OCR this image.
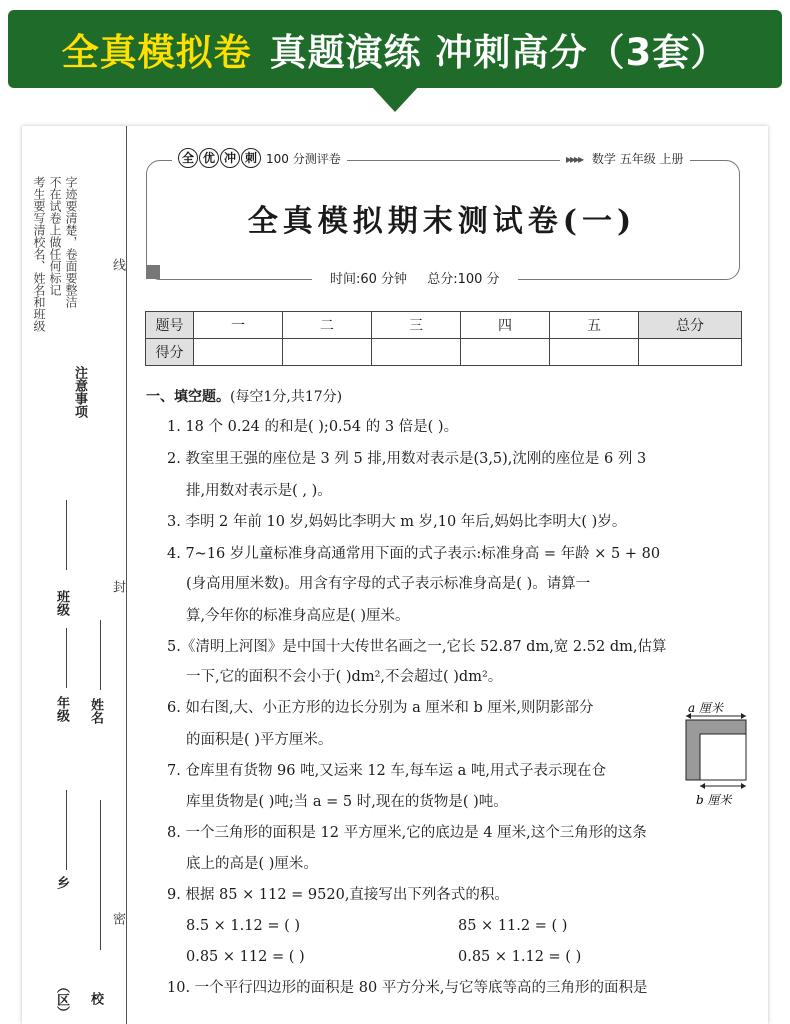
全真模拟卷 真题演练 冲刺高分（3套）
考生要写清校名、姓名和班级 不在试卷上做任何标记 字迹要清楚，卷面要整洁
注意事项
线
封
密
班级
年级 姓名
乡
（区） 校
全 优 冲 刺 100 分测评卷	▸▸▸▸ 数学 五年级 上册
全真模拟期末测试卷(一)
时间:60 分钟 总分:100 分
题号	一	二	三	四	五	总分
得分						
一、填空题。(每空1分,共17分)
1. 18 个 0.24 的和是( );0.54 的 3 倍是( )。
2. 教室里王强的座位是 3 列 5 排,用数对表示是(3,5),沈刚的座位是 6 列 3
排,用数对表示是( , )。
3. 李明 2 年前 10 岁,妈妈比李明大 m 岁,10 年后,妈妈比李明大( )岁。
4. 7~16 岁儿童标准身高通常用下面的式子表示:标准身高 = 年龄 × 5 + 80
(身高用厘米数)。用含有字母的式子表示标准身高是( )。请算一
算,今年你的标准身高应是( )厘米。
5.《清明上河图》是中国十大传世名画之一,它长 52.87 dm,宽 2.52 dm,估算
一下,它的面积不会小于( )dm²,不会超过( )dm²。
6. 如右图,大、小正方形的边长分别为 a 厘米和 b 厘米,则阴影部分
的面积是( )平方厘米。
7. 仓库里有货物 96 吨,又运来 12 车,每车运 a 吨,用式子表示现在仓
库里货物是( )吨;当 a = 5 时,现在的货物是( )吨。
8. 一个三角形的面积是 12 平方厘米,它的底边是 4 厘米,这个三角形的这条
底上的高是( )厘米。
9. 根据 85 × 112 = 9520,直接写出下列各式的积。
8.5 × 1.12 = ( )	85 × 11.2 = ( )
0.85 × 112 = ( )	0.85 × 1.12 = ( )
10. 一个平行四边形的面积是 80 平方分米,与它等底等高的三角形的面积是
a 厘米
b 厘米
